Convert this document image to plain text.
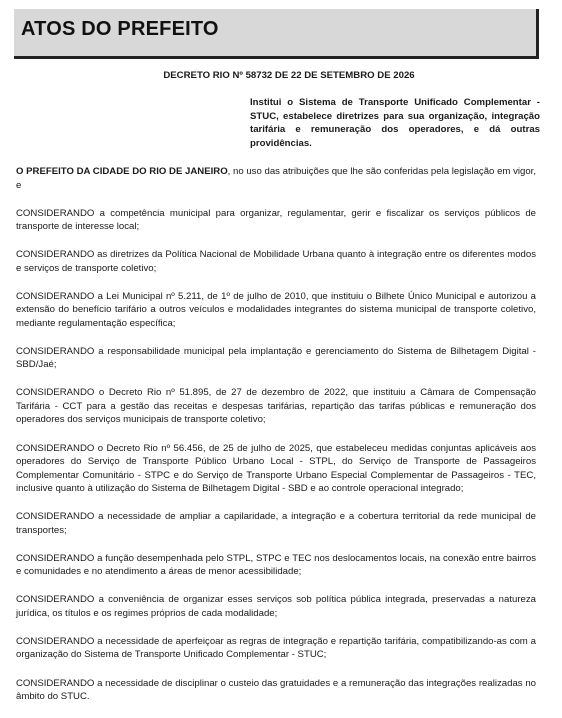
ATOS DO PREFEITO
DECRETO RIO Nº 58732 DE 22 DE SETEMBRO DE 2026
Institui o Sistema de Transporte Unificado Complementar - STUC, estabelece diretrizes para sua organização, integração tarifária e remuneração dos operadores, e dá outras providências.

O PREFEITO DA CIDADE DO RIO DE JANEIRO, no uso das atribuições que lhe são conferidas pela legislação em vigor, e

CONSIDERANDO a competência municipal para organizar, regulamentar, gerir e fiscalizar os serviços públicos de transporte de interesse local;

CONSIDERANDO as diretrizes da Política Nacional de Mobilidade Urbana quanto à integração entre os diferentes modos e serviços de transporte coletivo;

CONSIDERANDO a Lei Municipal nº 5.211, de 1º de julho de 2010, que instituiu o Bilhete Único Municipal e autorizou a extensão do benefício tarifário a outros veículos e modalidades integrantes do sistema municipal de transporte coletivo, mediante regulamentação específica;

CONSIDERANDO a responsabilidade municipal pela implantação e gerenciamento do Sistema de Bilhetagem Digital - SBD/Jaé;

CONSIDERANDO o Decreto Rio nº 51.895, de 27 de dezembro de 2022, que instituiu a Câmara de Compensação Tarifária - CCT para a gestão das receitas e despesas tarifárias, repartição das tarifas públicas e remuneração dos operadores dos serviços municipais de transporte coletivo;

CONSIDERANDO o Decreto Rio nº 56.456, de 25 de julho de 2025, que estabeleceu medidas conjuntas aplicáveis aos operadores do Serviço de Transporte Público Urbano Local - STPL, do Serviço de Transporte de Passageiros Complementar Comunitário - STPC e do Serviço de Transporte Urbano Especial Complementar de Passageiros - TEC, inclusive quanto à utilização do Sistema de Bilhetagem Digital - SBD e ao controle operacional integrado;

CONSIDERANDO a necessidade de ampliar a capilaridade, a integração e a cobertura territorial da rede municipal de transportes;

CONSIDERANDO a função desempenhada pelo STPL, STPC e TEC nos deslocamentos locais, na conexão entre bairros e comunidades e no atendimento a áreas de menor acessibilidade;

CONSIDERANDO a conveniência de organizar esses serviços sob política pública integrada, preservadas a natureza jurídica, os títulos e os regimes próprios de cada modalidade;

CONSIDERANDO a necessidade de aperfeiçoar as regras de integração e repartição tarifária, compatibilizando-as com a organização do Sistema de Transporte Unificado Complementar - STUC;

CONSIDERANDO a necessidade de disciplinar o custeio das gratuidades e a remuneração das integrações realizadas no âmbito do STUC.
